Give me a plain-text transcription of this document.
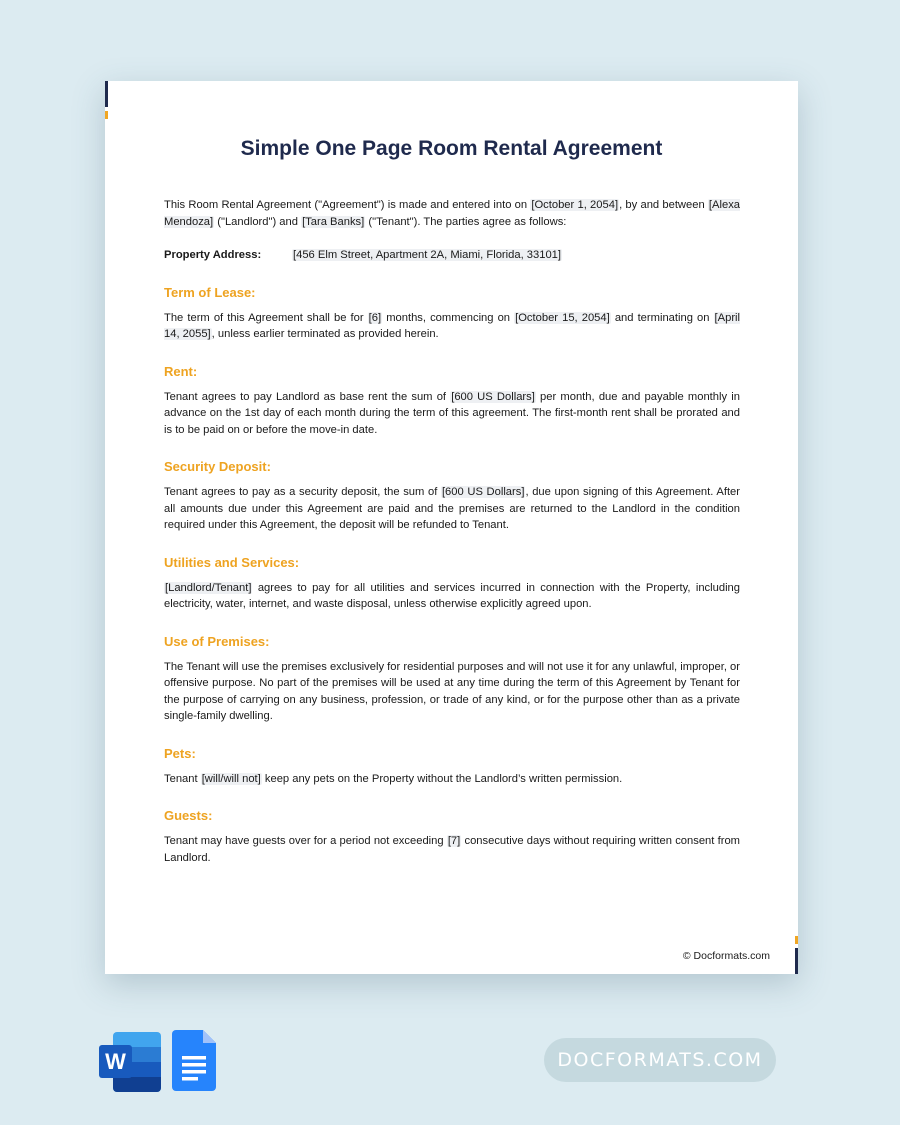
Simple One Page Room Rental Agreement

This Room Rental Agreement ("Agreement") is made and entered into on [October 1, 2054], by and between [Alexa Mendoza] ("Landlord") and [Tara Banks] ("Tenant"). The parties agree as follows:

Property Address:	[456 Elm Street, Apartment 2A, Miami, Florida, 33101]

Term of Lease:

The term of this Agreement shall be for [6] months, commencing on [October 15, 2054] and terminating on [April 14, 2055], unless earlier terminated as provided herein.

Rent:

Tenant agrees to pay Landlord as base rent the sum of [600 US Dollars] per month, due and payable monthly in advance on the 1st day of each month during the term of this agreement. The first-month rent shall be prorated and is to be paid on or before the move-in date.

Security Deposit:

Tenant agrees to pay as a security deposit, the sum of [600 US Dollars], due upon signing of this Agreement. After all amounts due under this Agreement are paid and the premises are returned to the Landlord in the condition required under this Agreement, the deposit will be refunded to Tenant.

Utilities and Services:

[Landlord/Tenant] agrees to pay for all utilities and services incurred in connection with the Property, including electricity, water, internet, and waste disposal, unless otherwise explicitly agreed upon.

Use of Premises:

The Tenant will use the premises exclusively for residential purposes and will not use it for any unlawful, improper, or offensive purpose. No part of the premises will be used at any time during the term of this Agreement by Tenant for the purpose of carrying on any business, profession, or trade of any kind, or for the purpose other than as a private single-family dwelling.

Pets:

Tenant [will/will not] keep any pets on the Property without the Landlord’s written permission.

Guests:

Tenant may have guests over for a period not exceeding [7] consecutive days without requiring written consent from Landlord.

© Docformats.com
W	DOCFORMATS.COM
